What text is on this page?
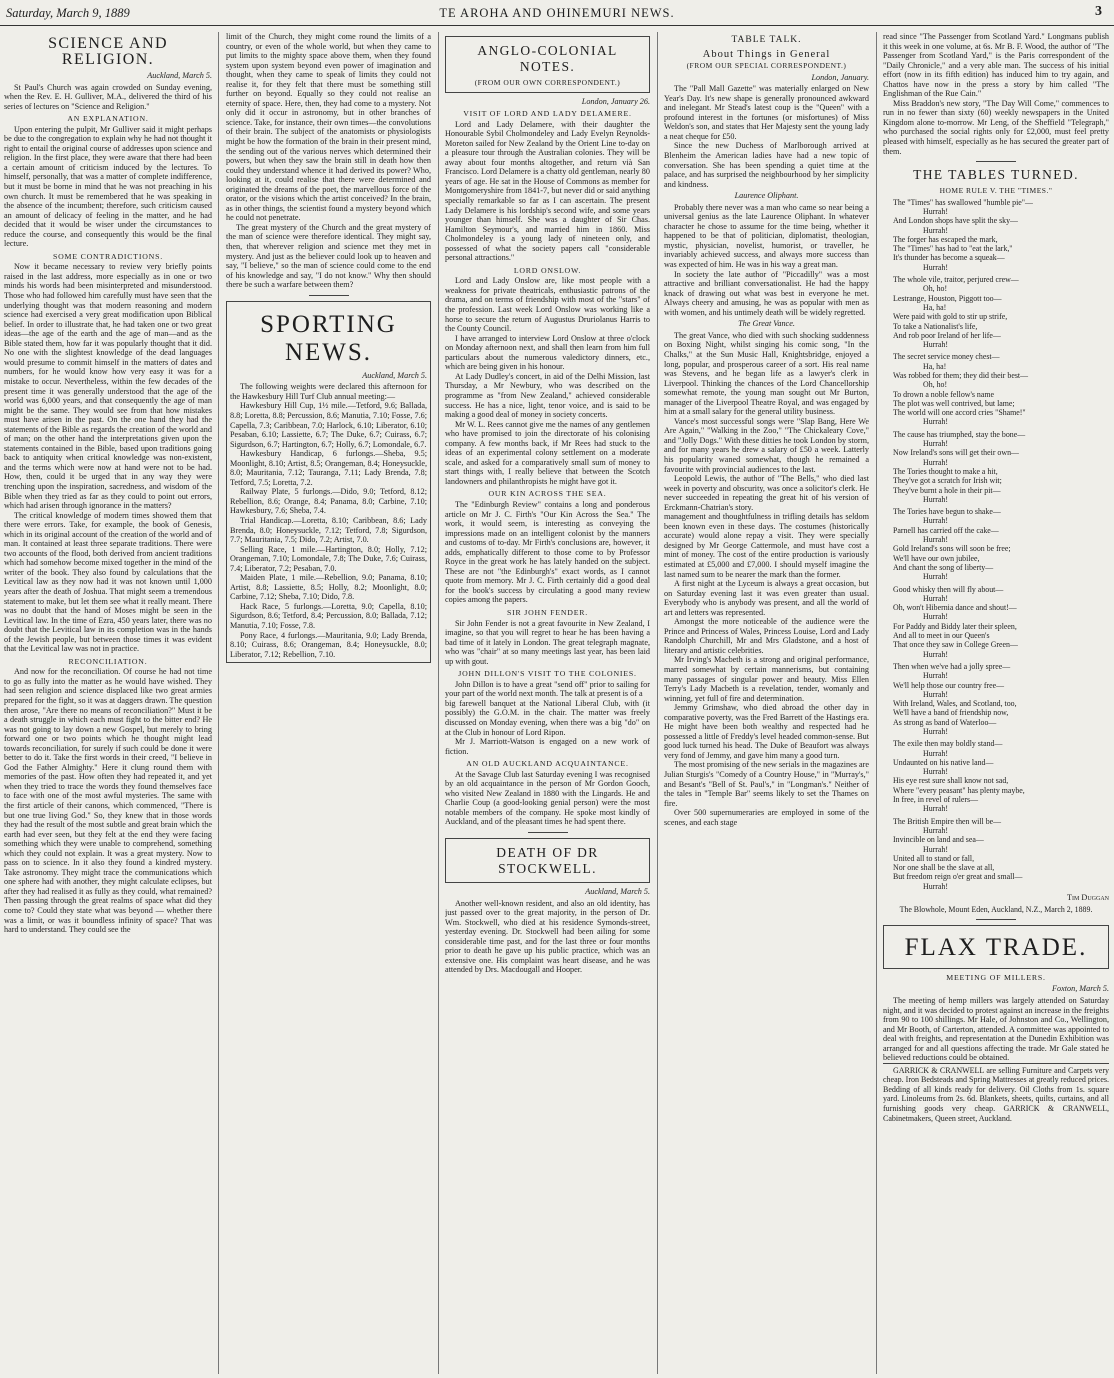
Saturday, March 9, 1889	TE AROHA AND OHINEMURI NEWS.	3
SCIENCE AND RELIGION.
Auckland, March 5.

St Paul's Church was again crowded on Sunday evening, when the Rev. E. H. Gulliver, M.A., delivered the third of his series of lectures on "Science and Religion."

AN EXPLANATION.

Upon entering the pulpit, Mr Gulliver said it might perhaps be due to the congregation to explain why he had not thought it right to entail the original course of addresses upon science and religion. In the first place, they were aware that there had been a certain amount of criticism induced by the lectures. To himself, personally, that was a matter of complete indifference, but it must be borne in mind that he was not preaching in his own church. It must be remembered that he was speaking in the absence of the incumbent; therefore, such criticism caused an amount of delicacy of feeling in the matter, and he had decided that it would be wiser under the circumstances to reduce the course, and consequently this would be the final lecture.

SOME CONTRADICTIONS.

Now it became necessary to review very briefly points raised in the last address, more especially as in one or two minds his words had been misinterpreted and misunderstood. Those who had followed him carefully must have seen that the underlying thought was that modern reasoning and modern science had exercised a very great modification upon Biblical belief. In order to illustrate that, he had taken one or two great ideas—the age of the earth and the age of man—and as the Bible stated them, how far it was popularly thought that it did. No one with the slightest knowledge of the dead languages would presume to commit himself in the matters of dates and numbers, for he would know how very easy it was for a mistake to occur. Nevertheless, within the few decades of the present time it was generally understood that the age of the world was 6,000 years, and that consequently the age of man might be the same. They would see from that how mistakes must have arisen in the past. On the one hand they had the statements of the Bible as regards the creation of the world and of man; on the other hand the interpretations given upon the statements contained in the Bible, based upon traditions going back to antiquity when critical knowledge was non-existent, and the terms which were now at hand were not to be had. How, then, could it be urged that in any way they were trenching upon the inspiration, sacredness, and wisdom of the Bible when they tried as far as they could to point out errors, which had arisen through ignorance in the matters?

The critical knowledge of modern times showed them that there were errors. Take, for example, the book of Genesis, which in its original account of the creation of the world and of man. It contained at least three separate traditions. There were two accounts of the flood, both derived from ancient traditions which had somehow become mixed together in the mind of the writer of the book. They also found by calculations that the Levitical law as they now had it was not known until 1,000 years after the death of Joshua. That might seem a tremendous statement to make, but let them see what it really meant. There was no doubt that the hand of Moses might be seen in the Levitical law. In the time of Ezra, 450 years later, there was no doubt that the Levitical law in its completion was in the hands of the Jewish people, but between those times it was evident that the Levitical law was not in practice.

RECONCILIATION.

And now for the reconciliation. Of course he had not time to go as fully into the matter as he would have wished. They had seen religion and science displaced like two great armies prepared for the fight, so it was at daggers drawn. The question then arose, "Are there no means of reconciliation?" Must it be a death struggle in which each must fight to the bitter end? He was not going to lay down a new Gospel, but merely to bring forward one or two points which he thought might lead towards reconciliation, for surely if such could be done it were better to do it. Take the first words in their creed, "I believe in God the Father Almighty." Here it clung round them with memories of the past. How often they had repeated it, and yet when they tried to trace the words they found themselves face to face with one of the most awful mysteries. The same with the first article of their canons, which commenced, "There is but one true living God." So, they knew that in those words they had the result of the most subtle and great brain which the earth had ever seen, but they felt at the end they were facing something which they were unable to comprehend, something which they could not explain. It was a great mystery. Now to pass on to science. In it also they found a kindred mystery. Take astronomy. They might trace the communications which one sphere had with another, they might calculate eclipses, but after they had realised it as fully as they could, what remained? Then passing through the great realms of space what did they come to? Could they state what was beyond — whether there was a limit, or was it boundless infinity of space? That was hard to understand. They could see the

limit of the Church, they might come round the limits of a country, or even of the whole world, but when they came to put limits to the mighty space above them, when they found system upon system beyond even power of imagination and thought, when they came to speak of limits they could not realise it, for they felt that there must be something still further on beyond. Equally so they could not realise an eternity of space. Here, then, they had come to a mystery. Not only did it occur in astronomy, but in other branches of science. Take, for instance, their own times—the convolutions of their brain. The subject of the anatomists or physiologists might be how the formation of the brain in their present mind, the sending out of the various nerves which determined their powers, but when they saw the brain still in death how then could they understand whence it had derived its power? Who, looking at it, could realise that there were determined and originated the dreams of the poet, the marvellous force of the orator, or the visions which the artist conceived? In the brain, as in other things, the scientist found a mystery beyond which he could not penetrate.

The great mystery of the Church and the great mystery of the man of science were therefore identical. They might say, then, that wherever religion and science met they met in mystery. And just as the believer could look up to heaven and say, "I believe," so the man of science could come to the end of his knowledge and say, "I do not know." Why then should there be such a warfare between them?

SPORTING NEWS.
Auckland, March 5.

The following weights were declared this afternoon for the Hawkesbury Hill Turf Club annual meeting:—

Hawkesbury Hill Cup, 1½ mile.—Tetford, 9.6; Ballada, 8.8; Loretta, 8.8; Percussion, 8.6; Manutia, 7.10; Fosse, 7.6; Capella, 7.3; Caribbean, 7.0; Harlock, 6.10; Liberator, 6.10; Pesaban, 6.10; Lassiette, 6.7; The Duke, 6.7; Cuirass, 6.7; Sigurdson, 6.7; Hartington, 6.7; Holly, 6.7; Lomondale, 6.7.

Hawkesbury Handicap, 6 furlongs.—Sheba, 9.5; Moonlight, 8.10; Artist, 8.5; Orangeman, 8.4; Honeysuckle, 8.0; Mauritania, 7.12; Tauranga, 7.11; Lady Brenda, 7.8; Tetford, 7.5; Loretta, 7.2.

Railway Plate, 5 furlongs.—Dido, 9.0; Tetford, 8.12; Rebellion, 8.6; Orange, 8.4; Panama, 8.0; Carbine, 7.10; Hawkesbury, 7.6; Sheba, 7.4.

Trial Handicap.—Loretta, 8.10; Caribbean, 8.6; Lady Brenda, 8.0; Honeysuckle, 7.12; Tetford, 7.8; Sigurdson, 7.7; Mauritania, 7.5; Dido, 7.2; Artist, 7.0.

Selling Race, 1 mile.—Hartington, 8.0; Holly, 7.12; Orangeman, 7.10; Lomondale, 7.8; The Duke, 7.6; Cuirass, 7.4; Liberator, 7.2; Pesaban, 7.0.

Maiden Plate, 1 mile.—Rebellion, 9.0; Panama, 8.10; Artist, 8.8; Lassiette, 8.5; Holly, 8.2; Moonlight, 8.0; Carbine, 7.12; Sheba, 7.10; Dido, 7.8.

Hack Race, 5 furlongs.—Loretta, 9.0; Capella, 8.10; Sigurdson, 8.6; Tetford, 8.4; Percussion, 8.0; Ballada, 7.12; Manutia, 7.10; Fosse, 7.8.

Pony Race, 4 furlongs.—Mauritania, 9.0; Lady Brenda, 8.10; Cuirass, 8.6; Orangeman, 8.4; Honeysuckle, 8.0; Liberator, 7.12; Rebellion, 7.10.

ANGLO-COLONIAL NOTES.
(FROM OUR OWN CORRESPONDENT.)
London, January 26.
VISIT OF LORD AND LADY DELAMERE.

Lord and Lady Delamere, with their daughter the Honourable Sybil Cholmondeley and Lady Evelyn Reynolds-Moreton sailed for New Zealand by the Orient Line to-day on a pleasure tour through the Australian colonies. They will be away about four months altogether, and return vià San Francisco. Lord Delamere is a chatty old gentleman, nearly 80 years of age. He sat in the House of Commons as member for Montgomeryshire from 1841-7, but never did or said anything specially remarkable so far as I can ascertain. The present Lady Delamere is his lordship's second wife, and some years younger than himself. She was a daughter of Sir Chas. Hamilton Seymour's, and married him in 1860. Miss Cholmondeley is a young lady of nineteen only, and possessed of what the society papers call "considerable personal attractions."

LORD ONSLOW.

Lord and Lady Onslow are, like most people with a weakness for private theatricals, enthusiastic patrons of the drama, and on terms of friendship with most of the "stars" of the profession. Last week Lord Onslow was working like a horse to secure the return of Augustus Druriolanus Harris to the County Council.

I have arranged to interview Lord Onslow at three o'clock on Monday afternoon next, and shall then learn from him full particulars about the numerous valedictory dinners, etc., which are being given in his honour.

At Lady Dudley's concert, in aid of the Delhi Mission, last Thursday, a Mr Newbury, who was described on the programme as "from New Zealand," achieved considerable success. He has a nice, light, tenor voice, and is said to be making a good deal of money in society concerts.

Mr W. L. Rees cannot give me the names of any gentlemen who have promised to join the directorate of his colonising company. A few months back, if Mr Rees had stuck to the ideas of an experimental colony settlement on a moderate scale, and asked for a comparatively small sum of money to start things with, I really believe that between the Scotch landowners and philanthropists he might have got it.

OUR KIN ACROSS THE SEA.

The "Edinburgh Review" contains a long and ponderous article on Mr J. C. Firth's "Our Kin Across the Sea." The work, it would seem, is interesting as conveying the impressions made on an intelligent colonist by the manners and customs of to-day. Mr Firth's conclusions are, however, it adds, emphatically different to those come to by Professor Royce in the great work he has lately handed on the subject. These are not "the Edinburgh's" exact words, as I cannot quote from memory. Mr J. C. Firth certainly did a good deal for the book's success by circulating a good many review copies among the papers.

SIR JOHN FENDER.

Sir John Fender is not a great favourite in New Zealand, I imagine, so that you will regret to hear he has been having a bad time of it lately in London. The great telegraph magnate, who was "chair" at so many meetings last year, has been laid up with gout.

JOHN DILLON'S VISIT TO THE COLONIES.

John Dillon is to have a great "send off" prior to sailing for your part of the world next month. The talk at present is of a

big farewell banquet at the National Liberal Club, with (it possibly) the G.O.M. in the chair. The matter was freely discussed on Monday evening, when there was a big "do" on at the Club in honour of Lord Ripon.

Mr J. Marriott-Watson is engaged on a new work of fiction.

AN OLD AUCKLAND ACQUAINTANCE.

At the Savage Club last Saturday evening I was recognised by an old acquaintance in the person of Mr Gordon Gooch, who visited New Zealand in 1880 with the Lingards. He and Charlie Coup (a good-looking genial person) were the most notable members of the company. He spoke most kindly of Auckland, and of the pleasant times he had spent there.

DEATH OF DR STOCKWELL.
Auckland, March 5.

Another well-known resident, and also an old identity, has just passed over to the great majority, in the person of Dr. Wm. Stockwell, who died at his residence Symonds-street, yesterday evening. Dr. Stockwell had been ailing for some considerable time past, and for the last three or four months prior to death he gave up his public practice, which was an extensive one. His complaint was heart disease, and he was attended by Drs. Macdougall and Hooper.

TABLE TALK.
About Things in General
(FROM OUR SPECIAL CORRESPONDENT.)
London, January.

The "Pall Mall Gazette" was materially enlarged on New Year's Day. It's new shape is generally pronounced awkward and inelegant. Mr Stead's latest coup is the "Queen" with a profound interest in the fortunes (or misfortunes) of Miss Weldon's son, and states that Her Majesty sent the young lady a neat cheque for £50.

Since the new Duchess of Marlborough arrived at Blenheim the American ladies have had a new topic of conversation. She has been spending a quiet time at the palace, and has surprised the neighbourhood by her simplicity and kindness.

Laurence Oliphant.

Probably there never was a man who came so near being a universal genius as the late Laurence Oliphant. In whatever character he chose to assume for the time being, whether it happened to be that of politician, diplomatist, theologian, mystic, physician, novelist, humorist, or traveller, he invariably achieved success, and always more success than was expected of him. He was in his way a great man.

In society the late author of "Piccadilly" was a most attractive and brilliant conversationalist. He had the happy knack of drawing out what was best in everyone he met. Always cheery and amusing, he was as popular with men as with women, and his untimely death will be widely regretted.

The Great Vance.

The great Vance, who died with such shocking suddenness on Boxing Night, whilst singing his comic song, "In the Chalks," at the Sun Music Hall, Knightsbridge, enjoyed a long, popular, and prosperous career of a sort. His real name was Stevens, and he began life as a lawyer's clerk in Liverpool. Thinking the chances of the Lord Chancellorship somewhat remote, the young man sought out Mr Burton, manager of the Liverpool Theatre Royal, and was engaged by him at a small salary for the general utility business.

Vance's most successful songs were "Slap Bang, Here We Are Again," "Walking in the Zoo," "The Chickaleary Cove," and "Jolly Dogs." With these ditties he took London by storm, and for many years he drew a salary of £50 a week. Latterly his popularity waned somewhat, though he remained a favourite with provincial audiences to the last.

Leopold Lewis, the author of "The Bells," who died last week in poverty and obscurity, was once a solicitor's clerk. He never succeeded in repeating the great hit of his version of Erckmann-Chatrian's story.

management and thoughtfulness in trifling details has seldom been known even in these days. The costumes (historically accurate) would alone repay a visit. They were specially designed by Mr George Cattermole, and must have cost a mint of money. The cost of the entire production is variously estimated at £5,000 and £7,000. I should myself imagine the last named sum to be nearer the mark than the former.

A first night at the Lyceum is always a great occasion, but on Saturday evening last it was even greater than usual. Everybody who is anybody was present, and all the world of art and letters was represented.

Amongst the more noticeable of the audience were the Prince and Princess of Wales, Princess Louise, Lord and Lady Randolph Churchill, Mr and Mrs Gladstone, and a host of literary and artistic celebrities.

Mr Irving's Macbeth is a strong and original performance, marred somewhat by certain mannerisms, but containing many passages of singular power and beauty. Miss Ellen Terry's Lady Macbeth is a revelation, tender, womanly and winning, yet full of fire and determination.

Jemmy Grimshaw, who died abroad the other day in comparative poverty, was the Fred Barrett of the Hastings era. He might have been both wealthy and respected had he possessed a little of Freddy's level headed common-sense. But good luck turned his head. The Duke of Beaufort was always very fond of Jemmy, and gave him many a good turn.

The most promising of the new serials in the magazines are Julian Sturgis's "Comedy of a Country House," in "Murray's," and Besant's "Bell of St. Paul's," in "Longman's." Neither of the tales in "Temple Bar" seems likely to set the Thames on fire.

Over 500 supernumeraries are employed in some of the scenes, and each stage

read since "The Passenger from Scotland Yard." Longmans publish it this week in one volume, at 6s. Mr B. F. Wood, the author of "The Passenger from Scotland Yard," is the Paris correspondent of the "Daily Chronicle," and a very able man. The success of his initial effort (now in its fifth edition) has induced him to try again, and Chattos have now in the press a story by him called "The Englishman of the Rue Cain."

Miss Braddon's new story, "The Day Will Come," commences to run in no fewer than sixty (60) weekly newspapers in the United Kingdom alone to-morrow. Mr Leng, of the Sheffield "Telegraph," who purchased the social rights only for £2,000, must feel pretty pleased with himself, especially as he has secured the greater part of them.

THE TABLES TURNED.
HOME RULE V. THE "TIMES."

The "Times" has swallowed "humble pie"—

Hurrah!

And London shops have split the sky—

Hurrah!

The forger has escaped the mark,

The "Times" has had to "eat the lark,"

It's thunder has become a squeak—

Hurrah!

The whole vile, traitor, perjured crew—

Oh, ho!

Lestrange, Houston, Piggott too—

Ha, ha!

Were paid with gold to stir up strife,

To take a Nationalist's life,

And rob poor Ireland of her life—

Hurrah!

The secret service money chest—

Ha, ha!

Was robbed for them; they did their best—

Oh, ho!

To drown a noble fellow's name

The plot was well contrived, but lame;

The world will one accord cries "Shame!"

Hurrah!

The cause has triumphed, stay the bone—

Hurrah!

Now Ireland's sons will get their own—

Hurrah!

The Tories thought to make a hit,

They've got a scratch for Irish wit;

They've burnt a hole in their pit—

Hurrah!

The Tories have begun to shake—

Hurrah!

Parnell has carried off the cake—

Hurrah!

Gold Ireland's sons will soon be free;

We'll have our own jubilee,

And chant the song of liberty—

Hurrah!

Good whisky then will fly about—

Hurrah!

Oh, won't Hibernia dance and shout!—

Hurrah!

For Paddy and Biddy later their spleen,

And all to meet in our Queen's

That once they saw in College Green—

Hurrah!

Then when we've had a jolly spree—

Hurrah!

We'll help those our country free—

Hurrah!

With Ireland, Wales, and Scotland, too,

We'll have a band of friendship now,

As strong as band of Waterloo—

Hurrah!

The exile then may boldly stand—

Hurrah!

Undaunted on his native land—

Hurrah!

His eye rest sure shall know not sad,

Where "every peasant" has plenty maybe,

In free, in revel of rulers—

Hurrah!

The British Empire then will be—

Hurrah!

Invincible on land and sea—

Hurrah!

United all to stand or fall,

Nor one shall be the slave at all,

But freedom reign o'er great and small—

Hurrah!

Tim Duggan

The Blowhole, Mount Eden, Auckland, N.Z., March 2, 1889.

FLAX TRADE.
MEETING OF MILLERS.
Foxton, March 5.

The meeting of hemp millers was largely attended on Saturday night, and it was decided to protest against an increase in the freights from 90 to 100 shillings. Mr Hale, of Johnston and Co., Wellington, and Mr Booth, of Carterton, attended. A committee was appointed to deal with freights, and representation at the Dunedin Exhibition was arranged for and all questions affecting the trade. Mr Gale stated he believed reductions could be obtained.

GARRICK & CRANWELL are selling Furniture and Carpets very cheap. Iron Bedsteads and Spring Mattresses at greatly reduced prices. Bedding of all kinds ready for delivery. Oil Cloths from 1s. square yard. Linoleums from 2s. 6d. Blankets, sheets, quilts, curtains, and all furnishing goods very cheap. GARRICK & CRANWELL, Cabinetmakers, Queen street, Auckland.
